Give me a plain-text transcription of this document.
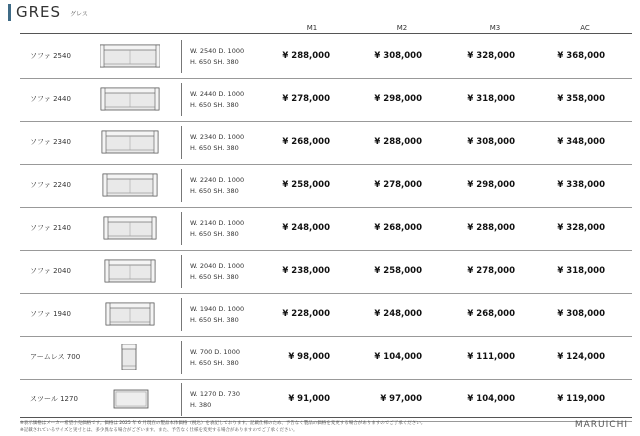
GRES グレス
M1	M2	M3	AC
ソファ 2540
W. 2540 D. 1000
H. 650 SH. 380
¥ 288,000	¥ 308,000	¥ 328,000	¥ 368,000
ソファ 2440
W. 2440 D. 1000
H. 650 SH. 380
¥ 278,000	¥ 298,000	¥ 318,000	¥ 358,000
ソファ 2340
W. 2340 D. 1000
H. 650 SH. 380
¥ 268,000	¥ 288,000	¥ 308,000	¥ 348,000
ソファ 2240
W. 2240 D. 1000
H. 650 SH. 380
¥ 258,000	¥ 278,000	¥ 298,000	¥ 338,000
ソファ 2140
W. 2140 D. 1000
H. 650 SH. 380
¥ 248,000	¥ 268,000	¥ 288,000	¥ 328,000
ソファ 2040
W. 2040 D. 1000
H. 650 SH. 380
¥ 238,000	¥ 258,000	¥ 278,000	¥ 318,000
ソファ 1940
W. 1940 D. 1000
H. 650 SH. 380
¥ 228,000	¥ 248,000	¥ 268,000	¥ 308,000
アームレス 700
W. 700 D. 1000
H. 650 SH. 380
¥ 98,000	¥ 104,000	¥ 111,000	¥ 124,000
スツール 1270
W. 1270 D. 730
H. 380
¥ 91,000	¥ 97,000	¥ 104,000	¥ 119,000
※表示価格はメーカー希望小売価格です。価格は 2025 年 6 月現在の製品本体価格（税込）を表記しております。記載仕様のため、予告なく製品の価格を変更する場合がありますのでご了承ください。
※記載されているサイズと実寸とは、多少異なる場合がございます。また、予告なく仕様を変更する場合がありますのでご了承ください。
MARUICHI
